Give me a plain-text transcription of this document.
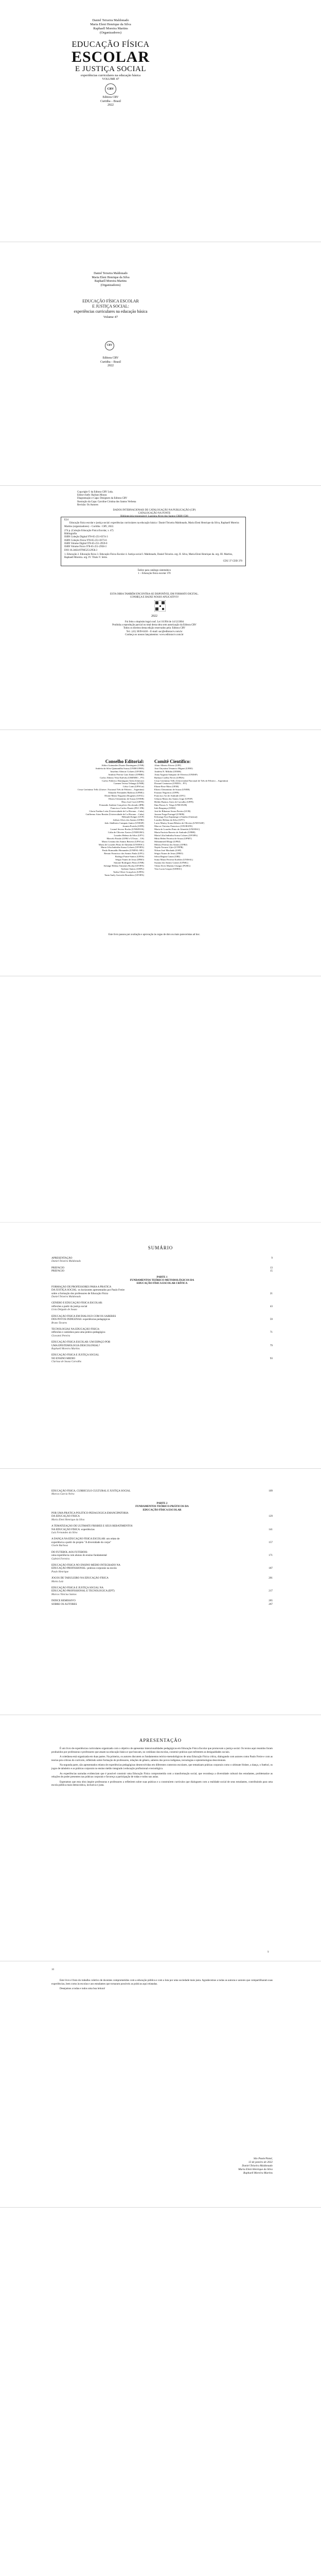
Daniel Teixeira Maldonado
Maria Eleni Henrique da Silva
Raphaell Moreira Martins
(Organizadores)
EDUCAÇÃO FÍSICA
ESCOLAR
E JUSTIÇA SOCIAL
experiências curriculares na educação básica
VOLUME 47
CRV
Editora CRV
Curitiba – Brasil
2022
Daniel Teixeira Maldonado
Maria Eleni Henrique da Silva
Raphaell Moreira Martins
(Organizadores)
EDUCAÇÃO FÍSICA ESCOLAR
E JUSTIÇA SOCIAL:
experiências curriculares na educação básica
Volume 47
CRV
Editora CRV
Curitiba – Brasil
2022
Copyright © da Editora CRV Ltda.
Editor-chefe: Railson Moura
Diagramação e Capa: Designers da Editora CRV
Ilustração da Capa: Caroline Cristina dos Santos Verbena
Revisão: Os Autores
DADOS INTERNACIONAIS DE CATALOGAÇÃO NA PUBLICAÇÃO (CIP)
CATALOGAÇÃO NA FONTE
Bibliotecária responsável: Luzenira Alves dos Santos CRB9/1506
E24
Educação física escolar e justiça social: experiências curriculares na educação básica / Daniel Teixeira Maldonado, Maria Eleni Henrique da Silva, Raphaell Moreira Martins (organizadores) – Curitiba : CRV, 2022.
274 p. (Coleção Educação Física Escolar, v. 47)
Bibliografia
ISBN Coleção Digital 978-65-251-0374-3
ISBN Coleção Física 978-65-251-0373-6
ISBN Volume Digital 978-65-251-2959-0
ISBN Volume Físico 978-65-251-2958-3
DOI 10.24824/978652512958.3
1. Educação 2. Educação física 3. Educação Física Escolar 4. Justiça social I. Maldonado, Daniel Teixeira. org. II. Silva, Maria Eleni Henrique da. org. III. Martins, Raphaell Moreira. org. IV. Título V. Série.
CDU 37 CDD 370
Índice para catálogo sistemático
1 – Educação física escolar 370
ESTA OBRA TAMBÉM ENCONTRA-SE DISPONÍVEL EM FORMATO DIGITAL.
CONHEÇA E BAIXE NOSSO APLICATIVO!
2022
Foi feito o depósito legal conf. Lei 10.994 de 14/12/2004
Proibida a reprodução parcial ou total desta obra sem autorização da Editora CRV
Todos os direitos desta edição reservados pela: Editora CRV
Tel.: (41) 3039-6418 – E-mail: sac@editoracrv.com.br
Conheça os nossos lançamentos: www.editoracrv.com.br
Conselho Editorial:
Aldira Guimarães Duarte Domínguez (UNB)
Andréia da Silva Quintanilha Sousa (UNIR/UFRN)
Anselmo Alencar Colares (UFOPA)
Antônio Pereira Gaio Júnior (UFRRJ)
Carlos Alberto Vilar Estêvão (UMINHO – PT)
Carlos Federico Dominguez Avila (Unieuro)
Carmen Tereza Velanga (UNIR)
Celso Conti (UFSCar)
Cesar Gerónimo Tello (Univer .Nacional Três de Febrero – Argentina)
Eduardo Fernandes Barbosa (UFMG)
Elione Maria Nogueira Diogenes (UFAL)
Elizeu Clementino de Souza (UNEB)
Élsio José Corá (UFFS)
Fernando Antônio Gonçalves Alcoforado (IPB)
Francisco Carlos Duarte (PUC-PR)
Gloria Fariñas León (Universidade de La Havana – Cuba)
Guillermo Arias Beatón (Universidade de La Havana – Cuba)
Helmuth Krüger (UCP)
Jailson Alves dos Santos (UFRJ)
João Adalberto Campato Junior (UNESP)
Josania Portela (UFPI)
Leonel Severo Rocha (UNISINOS)
Lídia de Oliveira Xavier (UNIEURO)
Lourdes Helena da Silva (UFV)
Marcelo Paixão (UFRJ e UTexas – US)
Maria Cristina dos Santos Bezerra (UFSCar)
Maria de Lourdes Pinto de Almeida (UNOESC)
Maria Lília Imbiriba Sousa Colares (UFOPA)
Paulo Romualdo Hernandes (UNIFAL-MG)
Renato Francisco dos Santos Paula (UFG)
Rodrigo Pratte-Santos (UFES)
Sérgio Nunes de Jesus (IFRO)
Simone Rodrigues Pinto (UNB)
Solange Helena Ximenes-Rocha (UFOPA)
Sydione Santos (UEPG)
Tadeu Oliver Gonçalves (UFPA)
Tania Suely Azevedo Brasileiro (UFOPA)
Comitê Científico:
Altair Alberto Fávero (UPF)
Ana Chrystina Venancio Mignot (UERJ)
Andréia N. Militão (UEMS)
Anna Augusta Sampaio de Oliveira (UNESP)
Barbara Coelho Neves (UFBA)
Cesar Gerónimo Tello (Universidad Nacional de Três de Febrero – Argentina)
Diosnel Centurion (UNIDA – PY)
Eliane Rose Maio (UEM)
Elizeu Clementino de Souza (UNEB)
Fauston Negreiros (UFPI)
Francisco Ari de Andrade (UFC)
Gláucia Maria dos Santos Jorge (UFOP)
Helder Buenos Aires de Carvalho (UFPI)
Ilma Passos A. Veiga (UNICEUB)
Inês Bragança (UERJ)
José de Ribamar Sousa Pereira (UCB)
Jussara Fraga Portugal (UNEB)
Kilwangy Kya Kapitango-a-Samba (Unemat)
Lourdes Helena da Silva (UFV)
Lucia Marisy Souza Ribeiro de Oliveira (UNIVASF)
Marcos Vinicius Francisco (UNOESTE)
Maria de Lourdes Pinto de Almeida (UNOESC)
Maria Eurácia Barreto de Andrade (UFRB)
Maria Lília Imbiriba Sousa Colares (UFOPA)
Míria Helen Ferreira de Souza (UFMT)
Mohammed Elhajji (UFRJ)
Mônica Pereira dos Santos (UFRJ)
Najela Tavares Ujiie (UTFPR)
Nilson José Machado (USP)
Sérgio Nunes de Jesus (IFRO)
Silvia Regina Canan (URI)
Sonia Maria Ferreira Koehler (UNISAL)
Suzana dos Santos Gomes (UFMG)
Vânia Alves Martins Chaigar (FURG)
Vera Lucia Gaspar (UDESC)
Este livro passou por avaliação e aprovação às cegas de dois ou mais pareceristas ad hoc.
SUMÁRIO
APRESENTAÇÃO	9
Daniel Teixeira Maldonado
PREFÁCIO	13
PREFÁCIO	15
PARTE 1
FUNDAMENTOS TEÓRICO-METODOLÓGICOS DA
EDUCAÇÃO FÍSICA ESCOLAR CRÍTICA
FORMAÇÃO DE PROFESSORES PARA A PRÁTICA
DA JUSTIÇA SOCIAL: os horizontes apresentados por Paulo Freire
sobre a formação dos professores de Educação Física	21
Daniel Teixeira Maldonado
GÊNERO E EDUCAÇÃO FÍSICA ESCOLAR:
reflexões a partir da justiça social	43
Lívia Delgado de Souza
EDUCAÇÃO FÍSICA EM DIÁLOGO COM OS SABERES
DOS POVOS INDÍGENAS: experiências pedagógicas	59
Bruno Tavares
TECNOLOGIAS NA EDUCAÇÃO FÍSICA:
reflexões e caminhos para uma prática pedagógica	71
Giovanni Pereira
EDUCAÇÃO FÍSICA ESCOLAR: UM ESPAÇO POR
UMA EPISTEMOLOGIA DESCOLONIAL?	79
Raphaell Moreira Martins
EDUCAÇÃO FÍSICA E JUSTIÇA SOCIAL
NO ENSINO MÉDIO	93
Clarissa de Sousa Carvalho
EDUCAÇÃO FÍSICA, CURRÍCULO CULTURAL E JUSTIÇA SOCIAL	109
Marcos Garcia Neira
PARTE 2
FUNDAMENTOS TEÓRICO-PRÁTICOS DA
EDUCAÇÃO FÍSICA ESCOLAR
POR UMA PRÁTICA POLÍTICO-PEDAGÓGICA EMANCIPATÓRIA
DA EDUCAÇÃO FÍSICA	129
Maria Eleni Henrique da Silva
A TEMATIZAÇÃO DE ULTIMATE FRISBEE E SEUS REBATIMENTOS
NA EDUCAÇÃO FÍSICA: experiências	141
Luiz Fernandes da Silva
A DANÇA NA EDUCAÇÃO FÍSICA ESCOLAR: um relato de
experiência a partir do projeto "A diversidade do corpo"	157
Gisele Barbosa
DO FUTEBOL AOS FUTEBÓIS:
uma experiência com alunos do ensino fundamental	171
Gabriel Ferreira
EDUCAÇÃO FÍSICA NO ENSINO MÉDIO INTEGRADO NA
EDUCAÇÃO PROFISSIONAL: práticas corporais na escola	187
Paulo Henrique
JOGOS DE TABULEIRO NA EDUCAÇÃO FÍSICA	201
Marta Luiz
EDUCAÇÃO FÍSICA E JUSTIÇA SOCIAL NA
EDUCAÇÃO PROFISSIONAL E TECNOLÓGICA (EPT)	217
Marcos Vinícius Santos
ÍNDICE REMISSIVO	265
SOBRE OS AUTORES	267
APRESENTAÇÃO

É um livro de experiências curriculares organizado com o objetivo de apresentar intencionalidades pedagógicas em Educação Física Escolar que promovam a justiça social. Os textos aqui reunidos foram produzidos por professoras e professores que atuam na educação básica e que buscam, no cotidiano das escolas, construir práticas que enfrentem as desigualdades sociais.

A coletânea está organizada em duas partes. Na primeira, os autores discutem os fundamentos teórico-metodológicos de uma Educação Física crítica, dialogando com autores como Paulo Freire e com as teorias pós-críticas do currículo, refletindo sobre formação de professores, relações de gênero, saberes dos povos indígenas, tecnologias e epistemologias descoloniais.

Na segunda parte, são apresentados relatos de experiências pedagógicas desenvolvidas em diferentes contextos escolares, que tematizam práticas corporais como o ultimate frisbee, a dança, o futebol, os jogos de tabuleiro e as práticas corporais no ensino médio integrado à educação profissional e tecnológica.

As experiências narradas evidenciam que é possível construir uma Educação Física comprometida com a transformação social, que reconheça a diversidade cultural dos estudantes, problematize as relações de poder presentes nas práticas corporais e favoreça a participação de todas e todos nas aulas.

Esperamos que esta obra inspire professoras e professores a refletirem sobre suas práticas e a construírem currículos que dialoguem com a realidade social de seus estudantes, contribuindo para uma escola pública mais democrática, inclusiva e justa.

9
10

Este livro é fruto do trabalho coletivo de docentes comprometidos com a educação pública e com a luta por uma sociedade mais justa. Agradecemos a todas as autoras e autores que compartilharam suas experiências, bem como às escolas e aos estudantes que tornaram possíveis as práticas aqui relatadas.

Desejamos a todas e todos uma boa leitura!

São Paulo/Natal,
13 de janeiro de 2022
Daniel Teixeira Maldonado
Maria Eleni Henrique da Silva
Raphaell Moreira Martins
